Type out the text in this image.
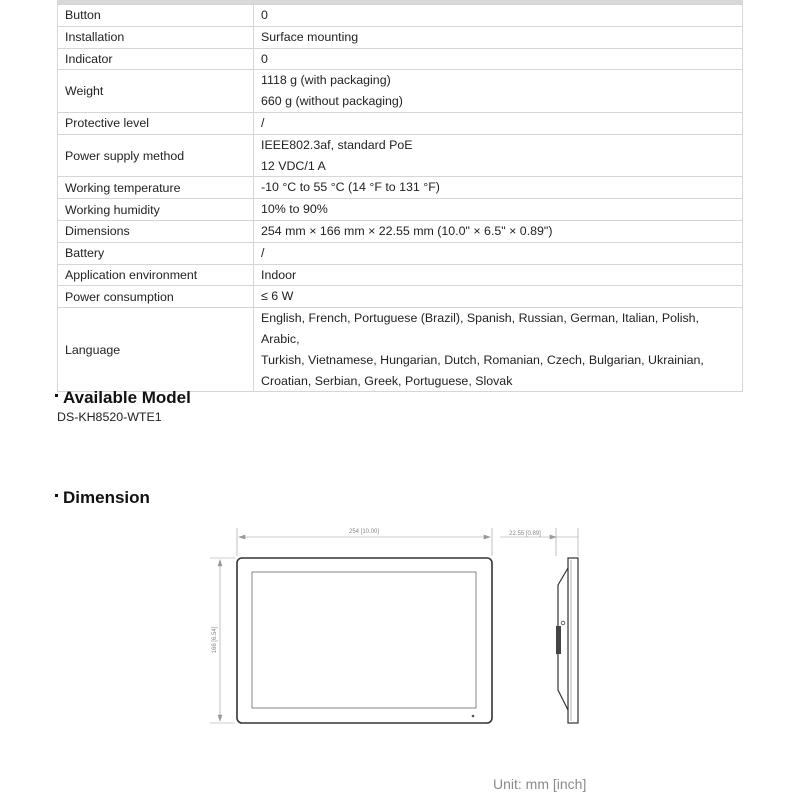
Button	0

Installation	Surface mounting

Indicator	0

Weight	1118 g (with packaging)
660 g (without packaging)

Protective level	/

Power supply method	IEEE802.3af, standard PoE
12 VDC/1 A

Working temperature	-10 °C to 55 °C (14 °F to 131 °F)

Working humidity	10% to 90%

Dimensions	254 mm × 166 mm × 22.55 mm (10.0" × 6.5" × 0.89")

Battery	/

Application environment	Indoor

Power consumption	≤ 6 W

Language	English, French, Portuguese (Brazil), Spanish, Russian, German, Italian, Polish, Arabic,
Turkish, Vietnamese, Hungarian, Dutch, Romanian, Czech, Bulgarian, Ukrainian,
Croatian, Serbian, Greek, Portuguese, Slovak
Available Model
DS-KH8520-WTE1
Dimension
254 [10.00]
166 [6.54]
22.55 [0.89]
Unit: mm [inch]
